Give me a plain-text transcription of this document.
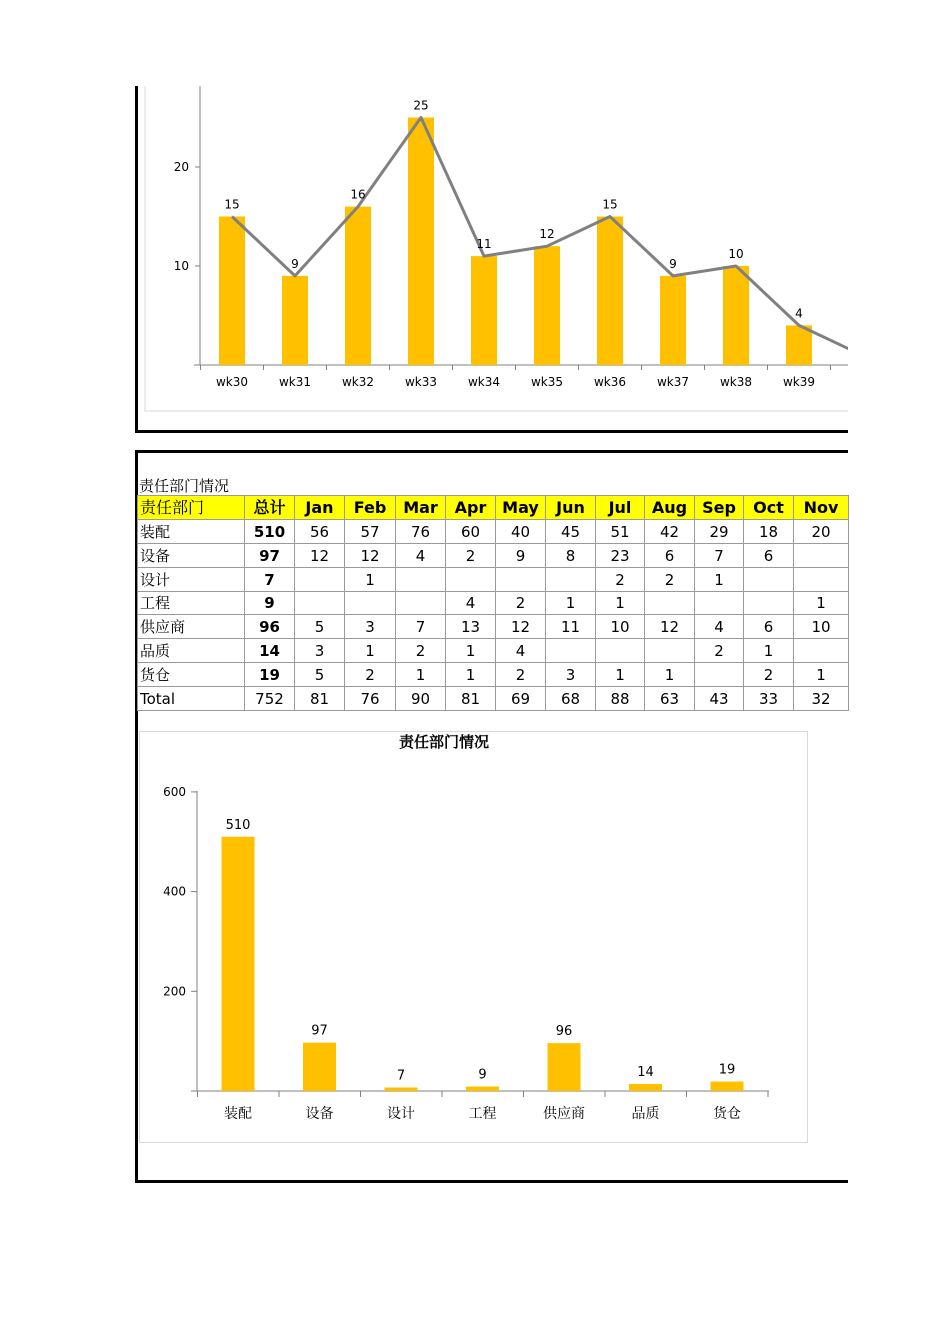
10
20
15
9
16
25
11
12
15
9
10
4
wk30	wk31	wk32	wk33	wk34	wk35	wk36	wk37	wk38	wk39
责任部门情况
责任部门	总计	Jan	Feb	Mar	Apr	May	Jun	Jul	Aug	Sep	Oct	Nov
装配	510	56	57	76	60	40	45	51	42	29	18	20
设备	97	12	12	4	2	9	8	23	6	7	6	
设计	7		1					2	2	1		
工程	9				4	2	1	1				1
供应商	96	5	3	7	13	12	11	10	12	4	6	10
品质	14	3	1	2	1	4				2	1	
货仓	19	5	2	1	1	2	3	1	1		2	1
Total	752	81	76	90	81	69	68	88	63	43	33	32
责任部门情况
200
400
600
510
97
7	9
96
14	19
装配	设备	设计	工程	供应商	品质	货仓
